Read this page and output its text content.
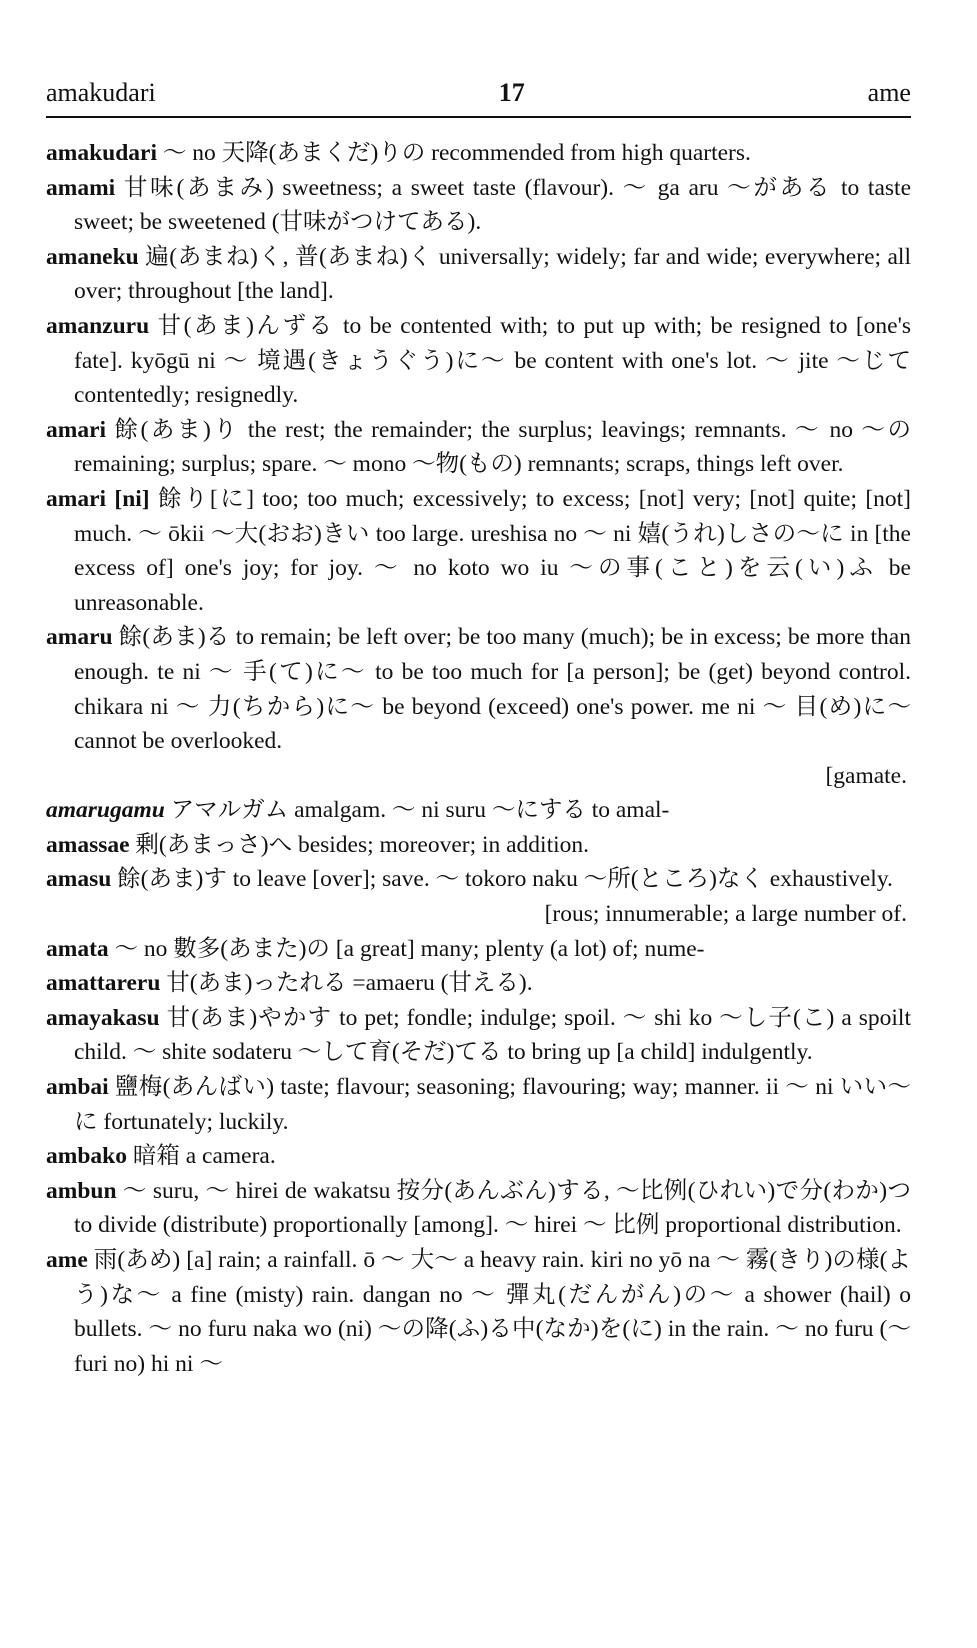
amakudari	17	ame

amakudari ～ no 天降(あまくだ)りの recommended from high quarters.

amami 甘味(あまみ) sweetness; a sweet taste (flavour). ～ ga aru ～がある to taste sweet; be sweetened (甘味がつけてある).

amaneku 遍(あまね)く, 普(あまね)く universally; widely; far and wide; everywhere; all over; throughout [the land].

amanzuru 甘(あま)んずる to be contented with; to put up with; be resigned to [one's fate]. kyōgū ni ～ 境遇(きょうぐう)に～ be content with one's lot. ～ jite ～じて contentedly; resignedly.

amari 餘(あま)り the rest; the remainder; the surplus; leavings; remnants. ～ no ～の remaining; surplus; spare. ～ mono ～物(もの) remnants; scraps, things left over.

amari [ni] 餘り[に] too; too much; excessively; to excess; [not] very; [not] quite; [not] much. ～ ōkii ～大(おお)きい too large. ureshisa no ～ ni 嬉(うれ)しさの～に in [the excess of] one's joy; for joy. ～ no koto wo iu ～の事(こと)を云(い)ふ be unreasonable.

amaru 餘(あま)る to remain; be left over; be too many (much); be in excess; be more than enough. te ni ～ 手(て)に～ to be too much for [a person]; be (get) beyond control. chikara ni ～ 力(ちから)に～ be beyond (exceed) one's power. me ni ～ 目(め)に～ cannot be overlooked.

[gamate.

amarugamu アマルガム amalgam. ～ ni suru ～にする to amal-

amassae 剰(あまっさ)へ besides; moreover; in addition.

amasu 餘(あま)す to leave [over]; save. ～ tokoro naku ～所(ところ)なく exhaustively.

[rous; innumerable; a large number of.

amata ～ no 數多(あまた)の [a great] many; plenty (a lot) of; nume-

amattareru 甘(あま)ったれる =amaeru (甘える).

amayakasu 甘(あま)やかす to pet; fondle; indulge; spoil. ～ shi ko ～し子(こ) a spoilt child. ～ shite sodateru ～して育(そだ)てる to bring up [a child] indulgently.

ambai 鹽梅(あんばい) taste; flavour; seasoning; flavouring; way; manner. ii ～ ni いい～に fortunately; luckily.

ambako 暗箱 a camera.

ambun ～ suru, ～ hirei de wakatsu 按分(あんぶん)する, ～比例(ひれい)で分(わか)つ to divide (distribute) proportionally [among]. ～ hirei ～ 比例 proportional distribution.

ame 雨(あめ) [a] rain; a rainfall. ō ～ 大～ a heavy rain. kiri no yō na ～ 霧(きり)の様(よう)な～ a fine (misty) rain. dangan no ～ 彈丸(だんがん)の～ a shower (hail) o bullets. ～ no furu naka wo (ni) ～の降(ふ)る中(なか)を(に) in the rain. ～ no furu (～ furi no) hi ni ～
